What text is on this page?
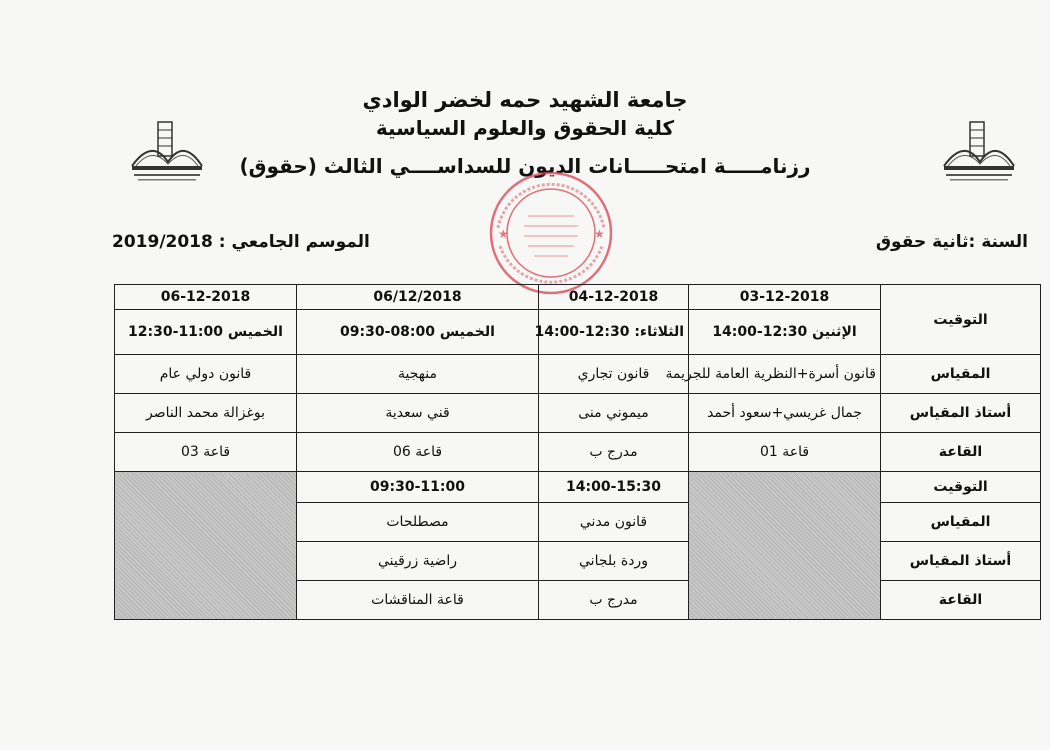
جامعة الشهيد حمه لخضر الوادي
كلية الحقوق والعلوم السياسية
رزنامـــــة امتحـــــانات الديون للسداســــي الثالث (حقوق)
★	★
الموسم الجامعي : 2019/2018	السنة :ثانية حقوق
التوقيت	03-12-2018	04-12-2018	06/12/2018	06-12-2018
	الإثنين 12:30-14:00	الثلاثاء: 12:30-14:00	الخميس 08:00-09:30	الخميس 11:00-12:30
المقياس	قانون أسرة+النظرية العامة للجريمة	قانون تجاري	منهجية	قانون دولي عام
أستاذ المقياس	جمال غريسي+سعود أحمد	ميموني منى	قني سعدية	بوغزالة محمد الناصر
القاعة	قاعة 01	مدرج ب	قاعة 06	قاعة 03
التوقيت		14:00-15:30	09:30-11:00	
المقياس		قانون مدني	مصطلحات	
أستاذ المقياس		وردة بلجاني	راضية زرقيني	
القاعة		مدرج ب	قاعة المناقشات	
